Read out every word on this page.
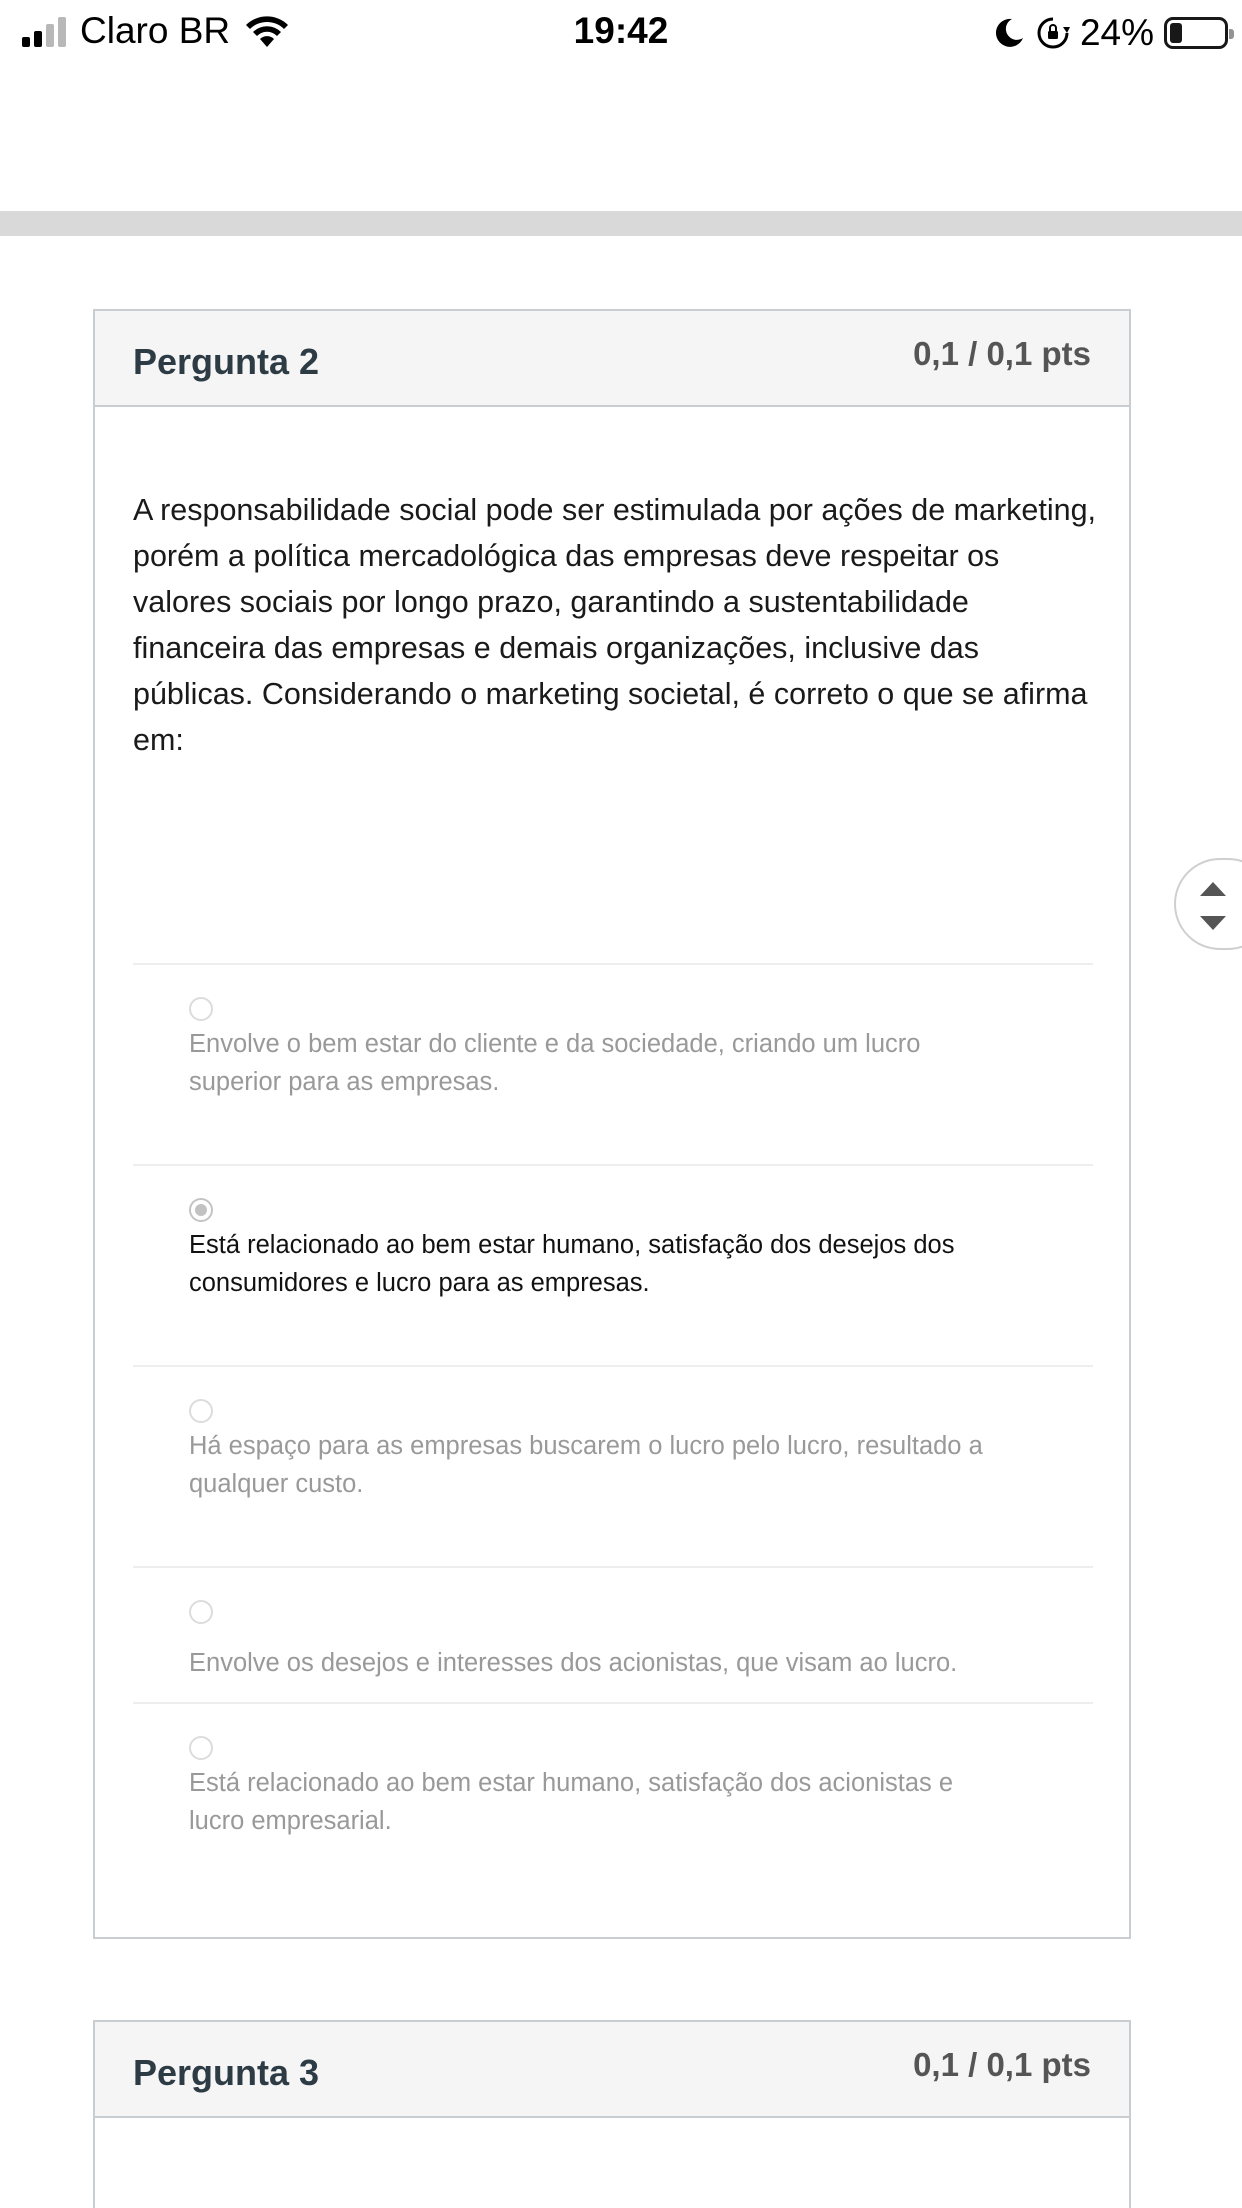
Claro BR	19:42	24%
Pergunta 2	0,1 / 0,1 pts
A responsabilidade social pode ser estimulada por ações de marketing, porém a política mercadológica das empresas deve respeitar os valores sociais por longo prazo, garantindo a sustentabilidade financeira das empresas e demais organizações, inclusive das públicas. Considerando o marketing societal, é correto o que se afirma em:
Envolve o bem estar do cliente e da sociedade, criando um lucro superior para as empresas.
Está relacionado ao bem estar humano, satisfação dos desejos dos consumidores e lucro para as empresas.
Há espaço para as empresas buscarem o lucro pelo lucro, resultado a qualquer custo.
Envolve os desejos e interesses dos acionistas, que visam ao lucro.
Está relacionado ao bem estar humano, satisfação dos acionistas e lucro empresarial.
Pergunta 3	0,1 / 0,1 pts
